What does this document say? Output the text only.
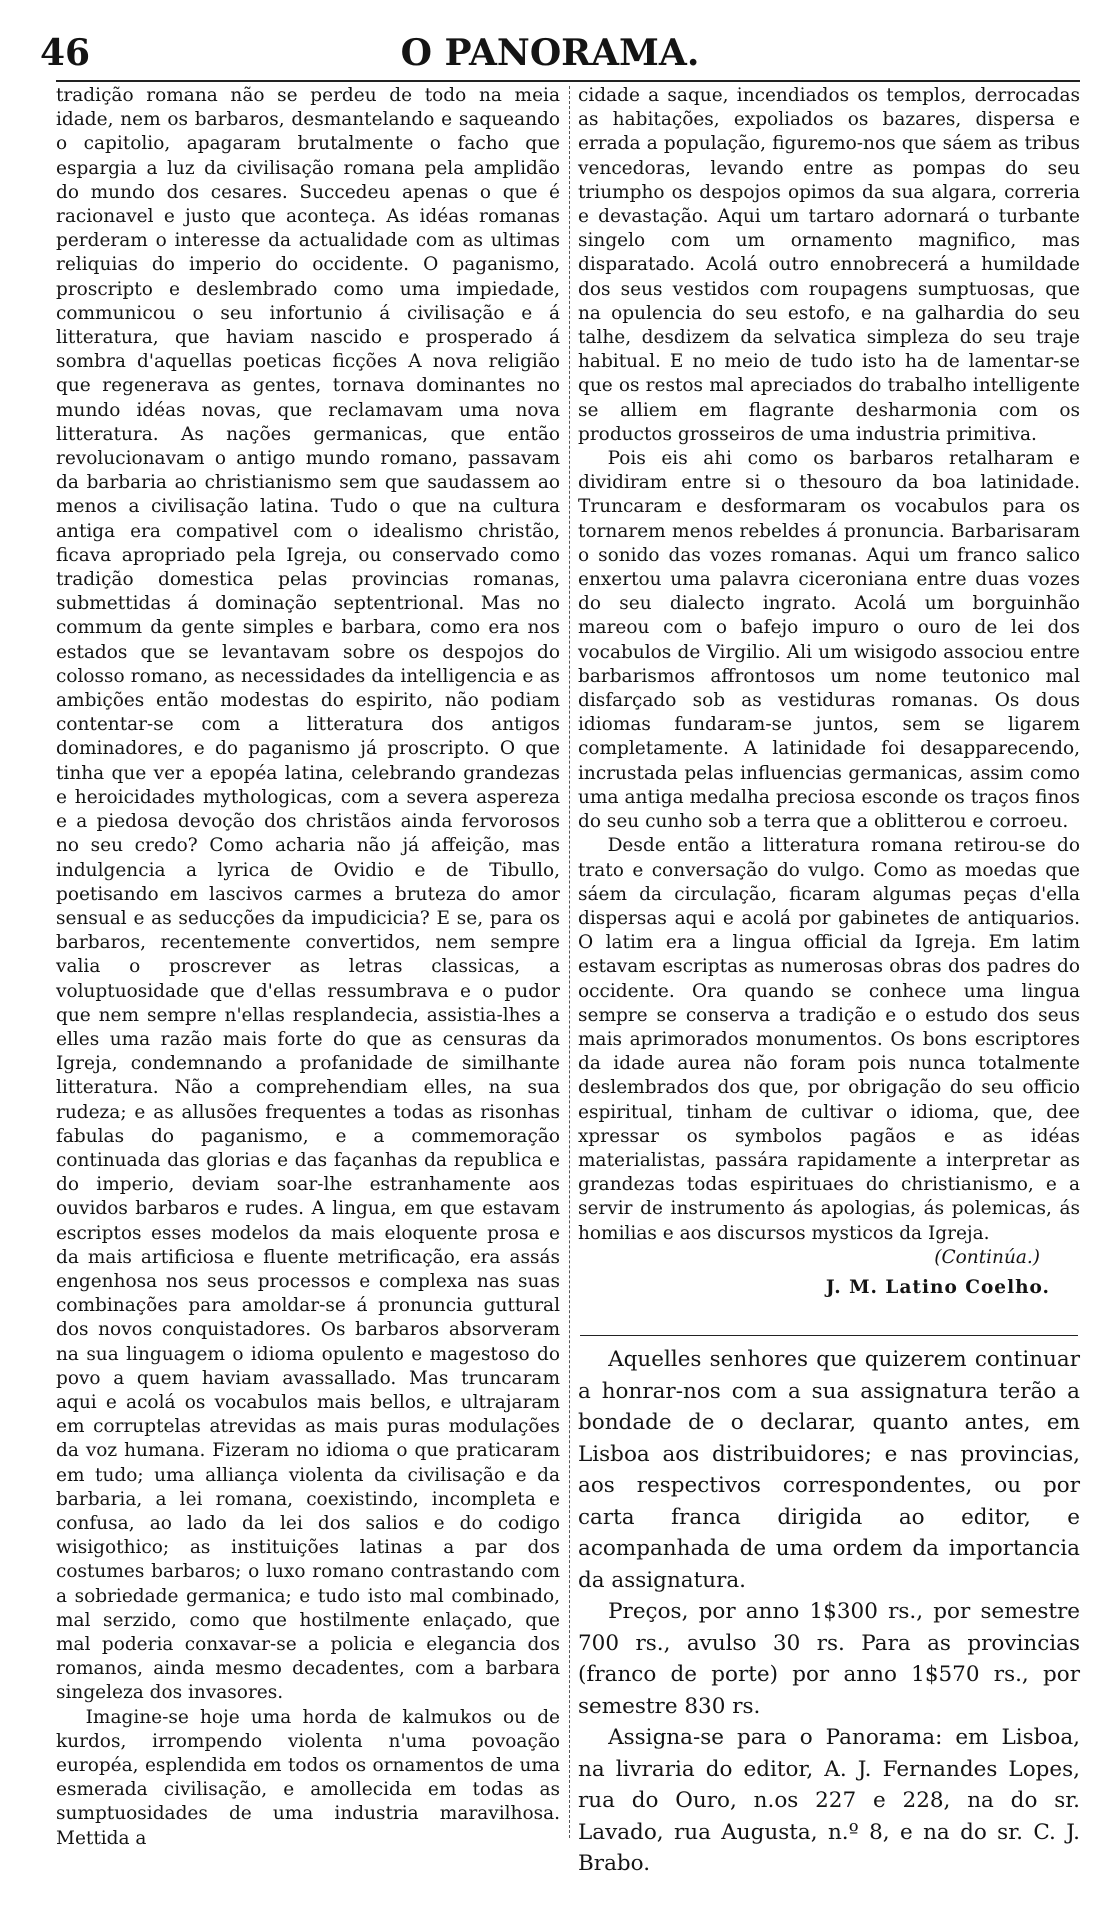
46	O PANORAMA.

tradição romana não se perdeu de todo na meia idade, nem os barbaros, desmantelando e saqueando o capitolio, apagaram brutalmente o facho que espargia a luz da civilisação romana pela amplidão do mundo dos cesares. Succedeu apenas o que é racionavel e justo que aconteça. As idéas romanas perderam o interesse da actualidade com as ultimas reliquias do imperio do occidente. O paganismo, proscripto e deslembrado como uma impiedade, communicou o seu infortunio á civilisação e á litteratura, que haviam nascido e prosperado á sombra d'aquellas poeticas ficções A nova religião que regenerava as gentes, tornava dominantes no mundo idéas novas, que reclamavam uma nova litteratura. As nações germanicas, que então revolucionavam o antigo mundo romano, passavam da barbaria ao christianismo sem que saudassem ao menos a civilisação latina. Tudo o que na cultura antiga era compativel com o idealismo christão, ficava apropriado pela Igreja, ou conservado como tradição domestica pelas provincias romanas, submettidas á dominação septentrional. Mas no commum da gente simples e barbara, como era nos estados que se levantavam sobre os despojos do colosso romano, as necessidades da intelligencia e as ambições então modestas do espirito, não podiam contentar-se com a litteratura dos antigos dominadores, e do paganismo já proscripto. O que tinha que ver a epopéa latina, celebrando grandezas e heroicidades mythologicas, com a severa aspereza e a piedosa devoção dos christãos ainda fervorosos no seu credo? Como acharia não já affeição, mas indulgencia a lyrica de Ovidio e de Tibullo, poetisando em lascivos carmes a bruteza do amor sensual e as seducções da impudicicia? E se, para os barbaros, recentemente convertidos, nem sempre valia o proscrever as letras classicas, a voluptuosidade que d'ellas ressumbrava e o pudor que nem sempre n'ellas resplandecia, assistia-lhes a elles uma razão mais forte do que as censuras da Igreja, condemnando a profanidade de similhante litteratura. Não a comprehendiam elles, na sua rudeza; e as allusões frequentes a todas as risonhas fabulas do paganismo, e a commemoração continuada das glorias e das façanhas da republica e do imperio, deviam soar-lhe estranhamente aos ouvidos barbaros e rudes. A lingua, em que estavam escriptos esses modelos da mais eloquente prosa e da mais artificiosa e fluente metrificação, era assás engenhosa nos seus processos e complexa nas suas combinações para amoldar-se á pronuncia guttural dos novos conquistadores. Os barbaros absorveram na sua linguagem o idioma opulento e magestoso do povo a quem haviam avassallado. Mas truncaram aqui e acolá os vocabulos mais bellos, e ultrajaram em corruptelas atrevidas as mais puras modulações da voz humana. Fizeram no idioma o que praticaram em tudo; uma alliança violenta da civilisação e da barbaria, a lei romana, coexistindo, incompleta e confusa, ao lado da lei dos salios e do codigo wisigothico; as instituições latinas a par dos costumes barbaros; o luxo romano contrastando com a sobriedade germanica; e tudo isto mal combinado, mal serzido, como que hostilmente enlaçado, que mal poderia conxavar-se a policia e elegancia dos romanos, ainda mesmo decadentes, com a barbara singeleza dos invasores.

Imagine-se hoje uma horda de kalmukos ou de kurdos, irrompendo violenta n'uma povoação européa, esplendida em todos os ornamentos de uma esmerada civilisação, e amollecida em todas as sumptuosidades de uma industria maravilhosa. Mettida a

cidade a saque, incendiados os templos, derrocadas as habitações, expoliados os bazares, dispersa e errada a população, figuremo-nos que sáem as tribus vencedoras, levando entre as pompas do seu triumpho os despojos opimos da sua algara, correria e devastação. Aqui um tartaro adornará o turbante singelo com um ornamento magnifico, mas disparatado. Acolá outro ennobrecerá a humildade dos seus vestidos com roupagens sumptuosas, que na opulencia do seu estofo, e na galhardia do seu talhe, desdizem da selvatica simpleza do seu traje habitual. E no meio de tudo isto ha de lamentar-se que os restos mal apreciados do trabalho intelligente se alliem em flagrante desharmonia com os productos grosseiros de uma industria primitiva.

Pois eis ahi como os barbaros retalharam e dividiram entre si o thesouro da boa latinidade. Truncaram e desformaram os vocabulos para os tornarem menos rebeldes á pronuncia. Barbarisaram o sonido das vozes romanas. Aqui um franco salico enxertou uma palavra ciceroniana entre duas vozes do seu dialecto ingrato. Acolá um borguinhão mareou com o bafejo impuro o ouro de lei dos vocabulos de Virgilio. Ali um wisigodo associou entre barbarismos affrontosos um nome teutonico mal disfarçado sob as vestiduras romanas. Os dous idiomas fundaram-se juntos, sem se ligarem completamente. A latinidade foi desapparecendo, incrustada pelas influencias germanicas, assim como uma antiga medalha preciosa esconde os traços finos do seu cunho sob a terra que a oblitterou e corroeu.

Desde então a litteratura romana retirou-se do trato e conversação do vulgo. Como as moedas que sáem da circulação, ficaram algumas peças d'ella dispersas aqui e acolá por gabinetes de antiquarios. O latim era a lingua official da Igreja. Em latim estavam escriptas as numerosas obras dos padres do occidente. Ora quando se conhece uma lingua sempre se conserva a tradição e o estudo dos seus mais aprimorados monumentos. Os bons escriptores da idade aurea não foram pois nunca totalmente deslembrados dos que, por obrigação do seu officio espiritual, tinham de cultivar o idioma, que, dee xpressar os symbolos pagãos e as idéas materialistas, passára rapidamente a interpretar as grandezas todas espirituaes do christianismo, e a servir de instrumento ás apologias, ás polemicas, ás homilias e aos discursos mysticos da Igreja.

(Continúa.)
J. M. Latino Coelho.

Aquelles senhores que quizerem continuar a honrar-nos com a sua assignatura terão a bondade de o declarar, quanto antes, em Lisboa aos distribuidores; e nas provincias, aos respectivos correspondentes, ou por carta franca dirigida ao editor, e acompanhada de uma ordem da importancia da assignatura.

Preços, por anno 1$300 rs., por semestre 700 rs., avulso 30 rs. Para as provincias (franco de porte) por anno 1$570 rs., por semestre 830 rs.

Assigna-se para o Panorama: em Lisboa, na livraria do editor, A. J. Fernandes Lopes, rua do Ouro, n.os 227 e 228, na do sr. Lavado, rua Augusta, n.º 8, e na do sr. C. J. Brabo.
